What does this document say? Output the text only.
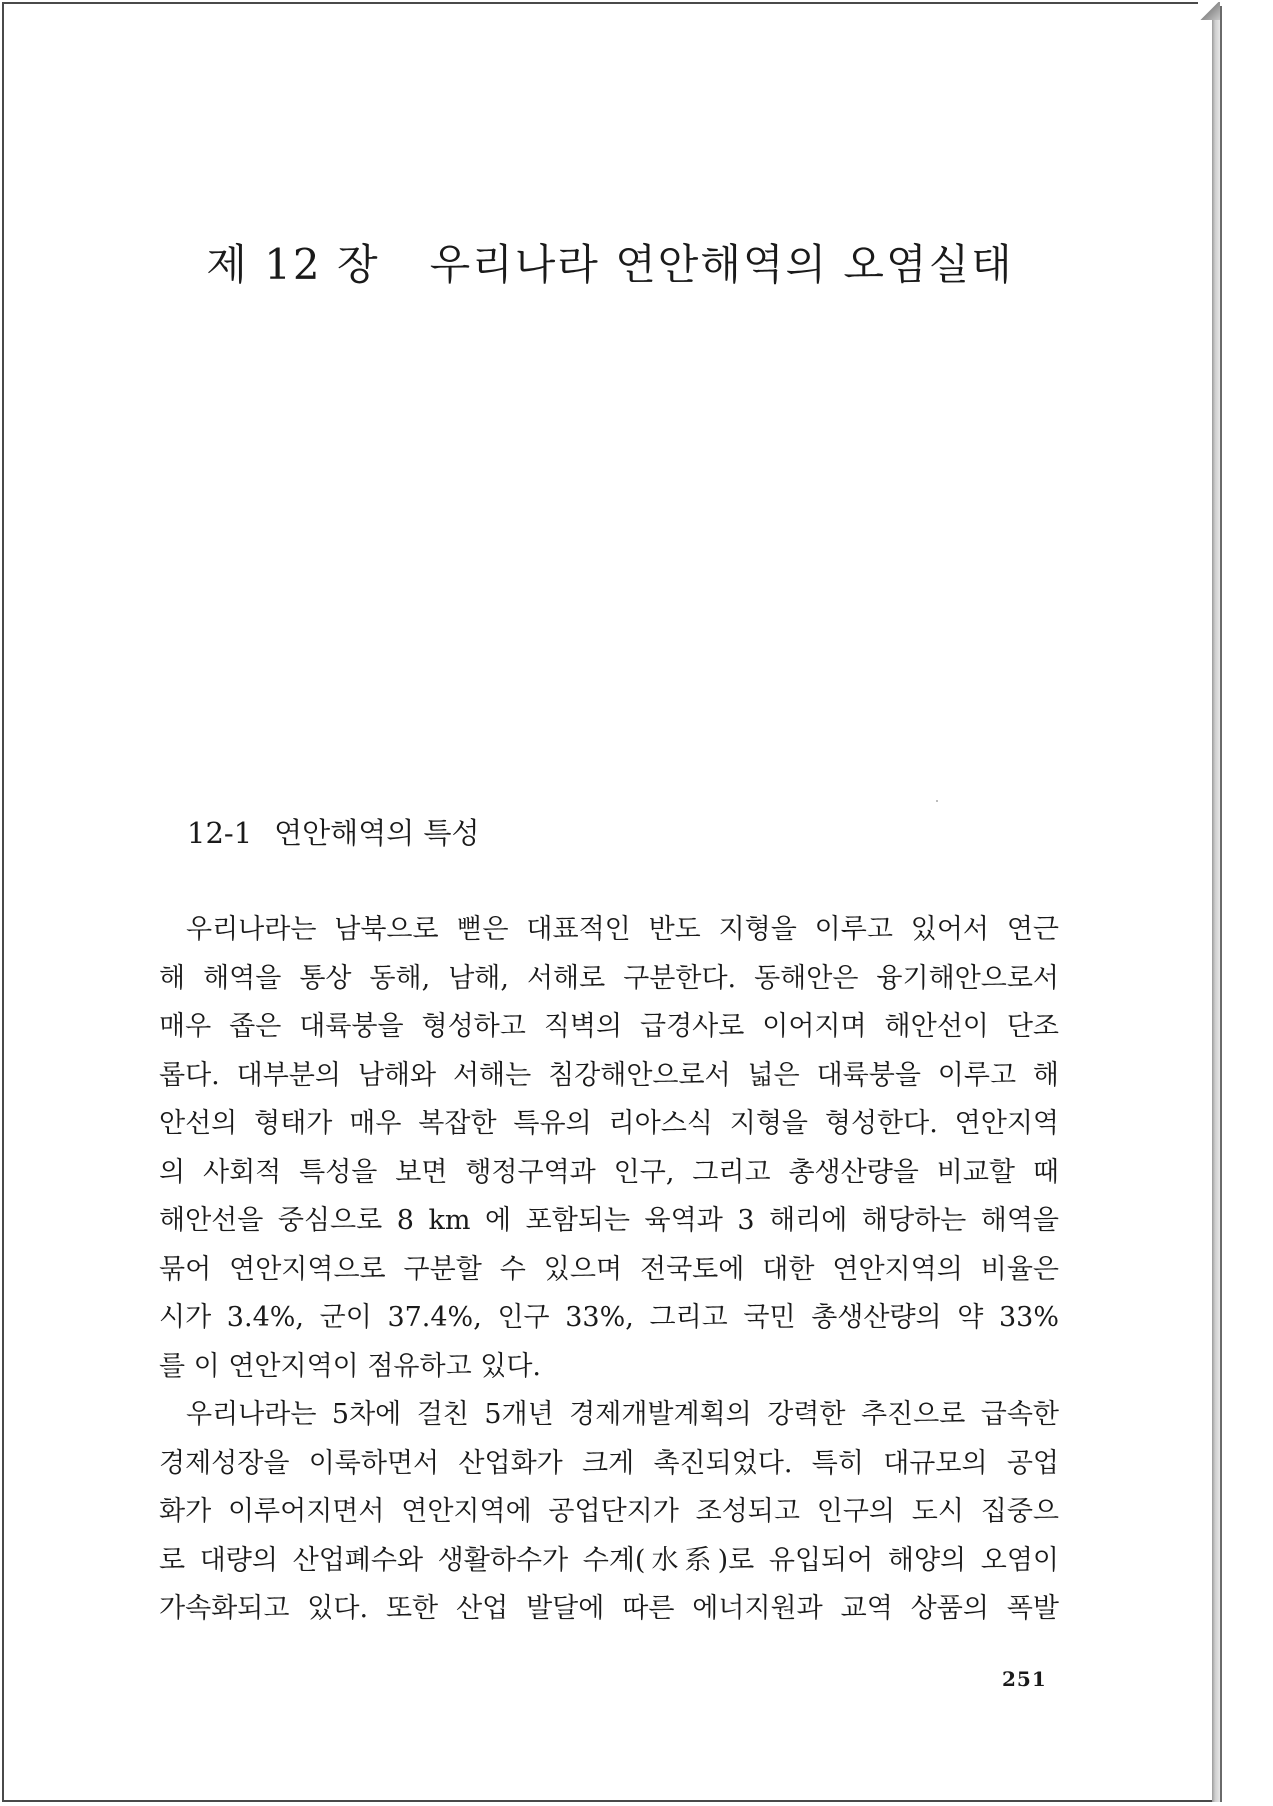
제 12 장 우리나라 연안해역의 오염실태
12-1 연안해역의 특성
우리나라는 남북으로 뻗은 대표적인 반도 지형을 이루고 있어서 연근
해 해역을 통상 동해, 남해, 서해로 구분한다. 동해안은 융기해안으로서
매우 좁은 대륙붕을 형성하고 직벽의 급경사로 이어지며 해안선이 단조
롭다. 대부분의 남해와 서해는 침강해안으로서 넓은 대륙붕을 이루고 해
안선의 형태가 매우 복잡한 특유의 리아스식 지형을 형성한다. 연안지역
의 사회적 특성을 보면 행정구역과 인구, 그리고 총생산량을 비교할 때
해안선을 중심으로 8 km 에 포함되는 육역과 3 해리에 해당하는 해역을
묶어 연안지역으로 구분할 수 있으며 전국토에 대한 연안지역의 비율은
시가 3.4%, 군이 37.4%, 인구 33%, 그리고 국민 총생산량의 약 33%
를 이 연안지역이 점유하고 있다.
우리나라는 5차에 걸친 5개년 경제개발계획의 강력한 추진으로 급속한
경제성장을 이룩하면서 산업화가 크게 촉진되었다. 특히 대규모의 공업
화가 이루어지면서 연안지역에 공업단지가 조성되고 인구의 도시 집중으
로 대량의 산업폐수와 생활하수가 수계(水系)로 유입되어 해양의 오염이
가속화되고 있다. 또한 산업 발달에 따른 에너지원과 교역 상품의 폭발
251
